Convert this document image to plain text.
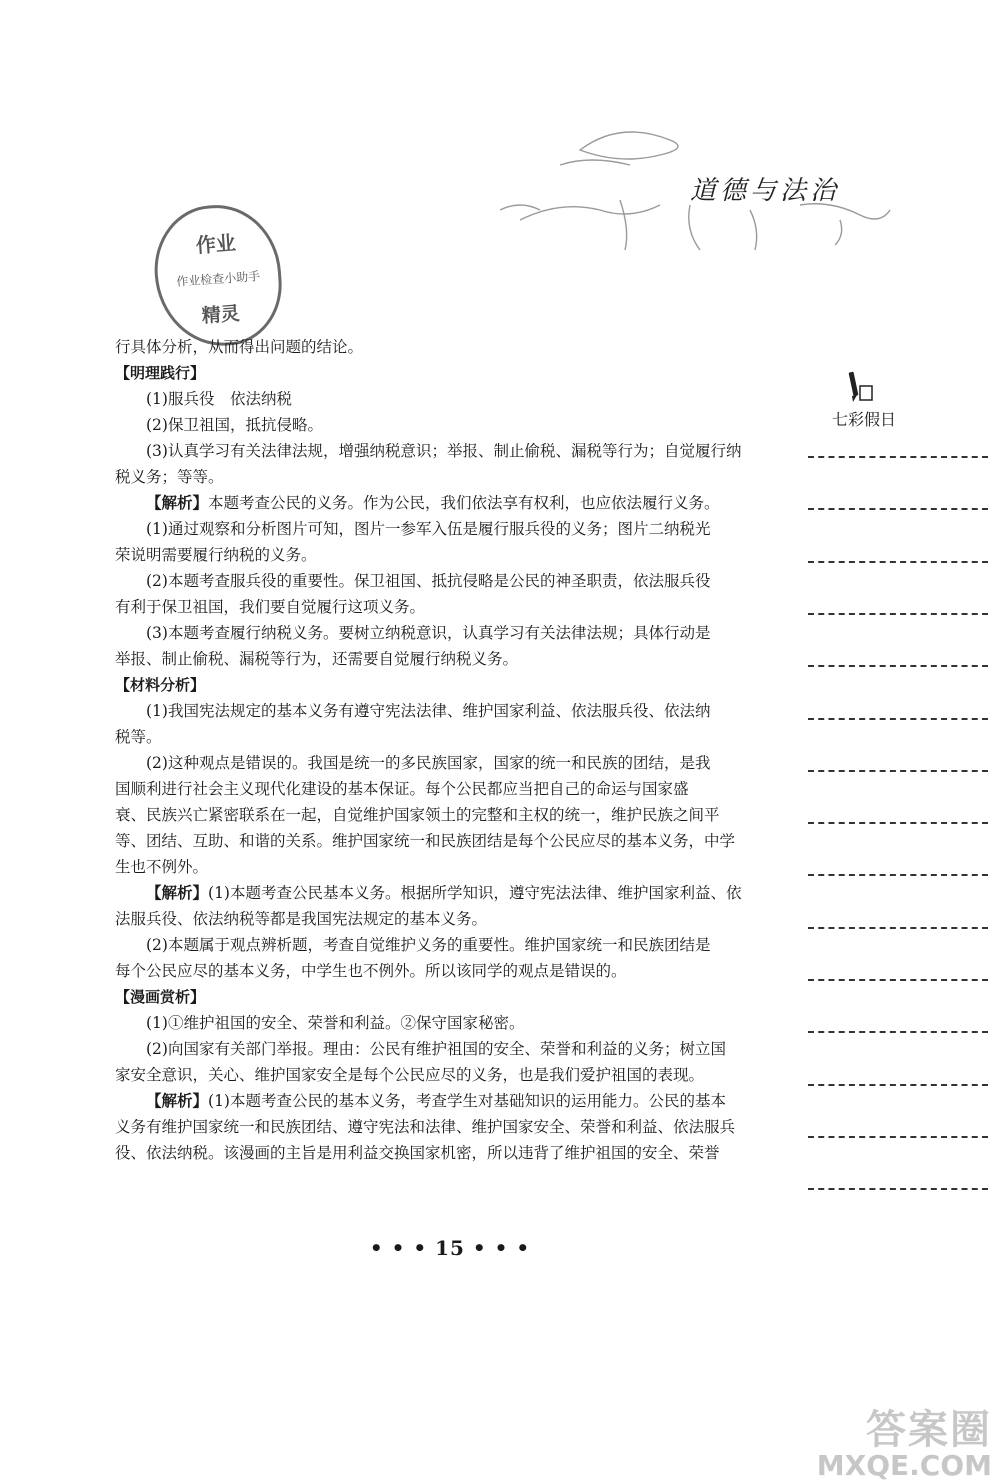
道德与法治
作业
作业检查小助手
精灵
行具体分析，从而得出问题的结论。
【明理践行】
(1)服兵役　依法纳税
(2)保卫祖国，抵抗侵略。
(3)认真学习有关法律法规，增强纳税意识；举报、制止偷税、漏税等行为；自觉履行纳
税义务；等等。
【解析】本题考查公民的义务。作为公民，我们依法享有权利，也应依法履行义务。
(1)通过观察和分析图片可知，图片一参军入伍是履行服兵役的义务；图片二纳税光
荣说明需要履行纳税的义务。
(2)本题考查服兵役的重要性。保卫祖国、抵抗侵略是公民的神圣职责，依法服兵役
有利于保卫祖国，我们要自觉履行这项义务。
(3)本题考查履行纳税义务。要树立纳税意识，认真学习有关法律法规；具体行动是
举报、制止偷税、漏税等行为，还需要自觉履行纳税义务。
【材料分析】
(1)我国宪法规定的基本义务有遵守宪法法律、维护国家利益、依法服兵役、依法纳
税等。
(2)这种观点是错误的。我国是统一的多民族国家，国家的统一和民族的团结，是我
国顺利进行社会主义现代化建设的基本保证。每个公民都应当把自己的命运与国家盛
衰、民族兴亡紧密联系在一起，自觉维护国家领土的完整和主权的统一，维护民族之间平
等、团结、互助、和谐的关系。维护国家统一和民族团结是每个公民应尽的基本义务，中学
生也不例外。
【解析】(1)本题考查公民基本义务。根据所学知识，遵守宪法法律、维护国家利益、依
法服兵役、依法纳税等都是我国宪法规定的基本义务。
(2)本题属于观点辨析题，考查自觉维护义务的重要性。维护国家统一和民族团结是
每个公民应尽的基本义务，中学生也不例外。所以该同学的观点是错误的。
【漫画赏析】
(1)①维护祖国的安全、荣誉和利益。②保守国家秘密。
(2)向国家有关部门举报。理由：公民有维护祖国的安全、荣誉和利益的义务；树立国
家安全意识，关心、维护国家安全是每个公民应尽的义务，也是我们爱护祖国的表现。
【解析】(1)本题考查公民的基本义务，考查学生对基础知识的运用能力。公民的基本
义务有维护国家统一和民族团结、遵守宪法和法律、维护国家安全、荣誉和利益、依法服兵
役、依法纳税。该漫画的主旨是用利益交换国家机密，所以违背了维护祖国的安全、荣誉
七彩假日
• • • 15 • • •
答案圈
MXQE.COM
